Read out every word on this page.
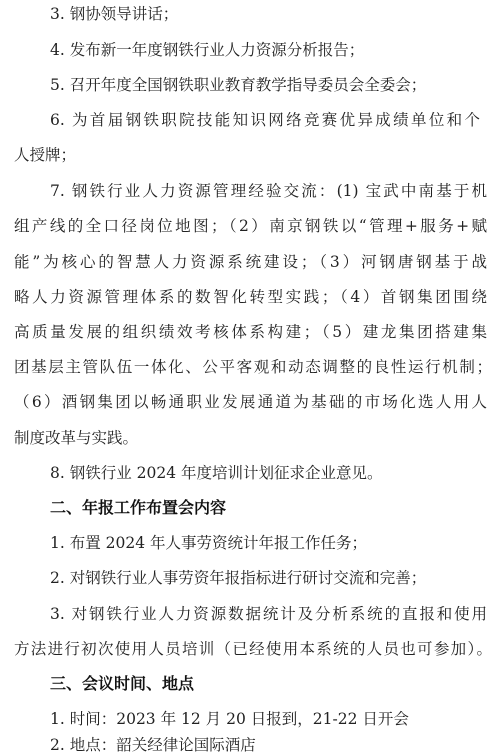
3. 钢协领导讲话；
4. 发布新一年度钢铁行业人力资源分析报告；
5. 召开年度全国钢铁职业教育教学指导委员会全委会；
6. 为首届钢铁职院技能知识网络竞赛优异成绩单位和个
人授牌；
7. 钢铁行业人力资源管理经验交流：(1) 宝武中南基于机
组产线的全口径岗位地图；（2）南京钢铁以“管理+服务+赋
能”为核心的智慧人力资源系统建设；（3）河钢唐钢基于战
略人力资源管理体系的数智化转型实践；（4）首钢集团围绕
高质量发展的组织绩效考核体系构建；（5）建龙集团搭建集
团基层主管队伍一体化、公平客观和动态调整的良性运行机制；
（6）酒钢集团以畅通职业发展通道为基础的市场化选人用人
制度改革与实践。
8. 钢铁行业 2024 年度培训计划征求企业意见。
二、年报工作布置会内容
1. 布置 2024 年人事劳资统计年报工作任务；
2. 对钢铁行业人事劳资年报指标进行研讨交流和完善；
3. 对钢铁行业人力资源数据统计及分析系统的直报和使用
方法进行初次使用人员培训（已经使用本系统的人员也可参加）。
三、会议时间、地点
1. 时间：2023 年 12 月 20 日报到，21-22 日开会
2. 地点：韶关经律论国际酒店
